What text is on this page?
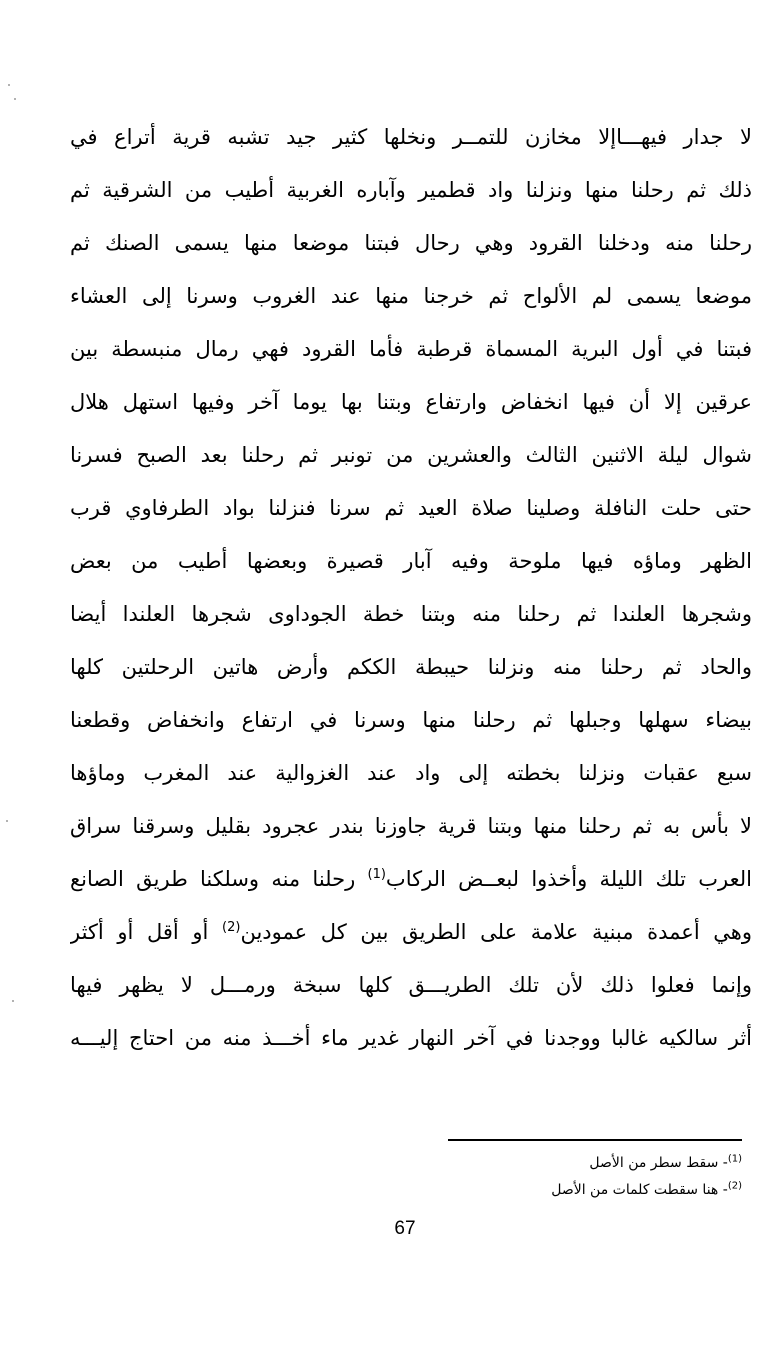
لا جدار فيهـــاإلا مخازن للتمــر ونخلها كثير جيد تشبه قرية أتراع في
ذلك ثم رحلنا منها ونزلنا واد قطمير وآباره الغربية أطيب من الشرقية ثم
رحلنا منه ودخلنا القرود وهي رحال فبتنا موضعا منها يسمى الصنك ثم
موضعا يسمى لم الألواح ثم خرجنا منها عند الغروب وسرنا إلى العشاء
فبتنا في أول البرية المسماة قرطبة فأما القرود فهي رمال منبسطة بين
عرقين إلا أن فيها انخفاض وارتفاع وبتنا بها يوما آخر وفيها استهل هلال
شوال ليلة الاثنين الثالث والعشرين من تونبر ثم رحلنا بعد الصبح فسرنا
حتى حلت النافلة وصلينا صلاة العيد ثم سرنا فنزلنا بواد الطرفاوي قرب
الظهر وماؤه فيها ملوحة وفيه آبار قصيرة وبعضها أطيب من بعض
وشجرها العلندا ثم رحلنا منه وبتنا خطة الجوداوى شجرها العلندا أيضا
والحاد ثم رحلنا منه ونزلنا حيبطة الككم وأرض هاتين الرحلتين كلها
بيضاء سهلها وجبلها ثم رحلنا منها وسرنا في ارتفاع وانخفاض وقطعنا
سبع عقبات ونزلنا بخطته إلى واد عند الغزوالية عند المغرب وماؤها
لا بأس به ثم رحلنا منها وبتنا قرية جاوزنا بندر عجرود بقليل وسرقنا سراق
العرب تلك الليلة وأخذوا لبعــض الركاب$^{(1)}$ رحلنا منه وسلكنا طريق الصانع
وهي أعمدة مبنية علامة على الطريق بين كل عمودين$^{(2)}$ أو أقل أو أكثر
وإنما فعلوا ذلك لأن تلك الطريـــق كلها سبخة ورمـــل لا يظهر فيها
أثر سالكيه غالبا ووجدنا في آخر النهار غدير ماء أخـــذ منه من احتاج إليـــه
$^{(1)}$- سقط سطر من الأصل
$^{(2)}$- هنا سقطت كلمات من الأصل
67
